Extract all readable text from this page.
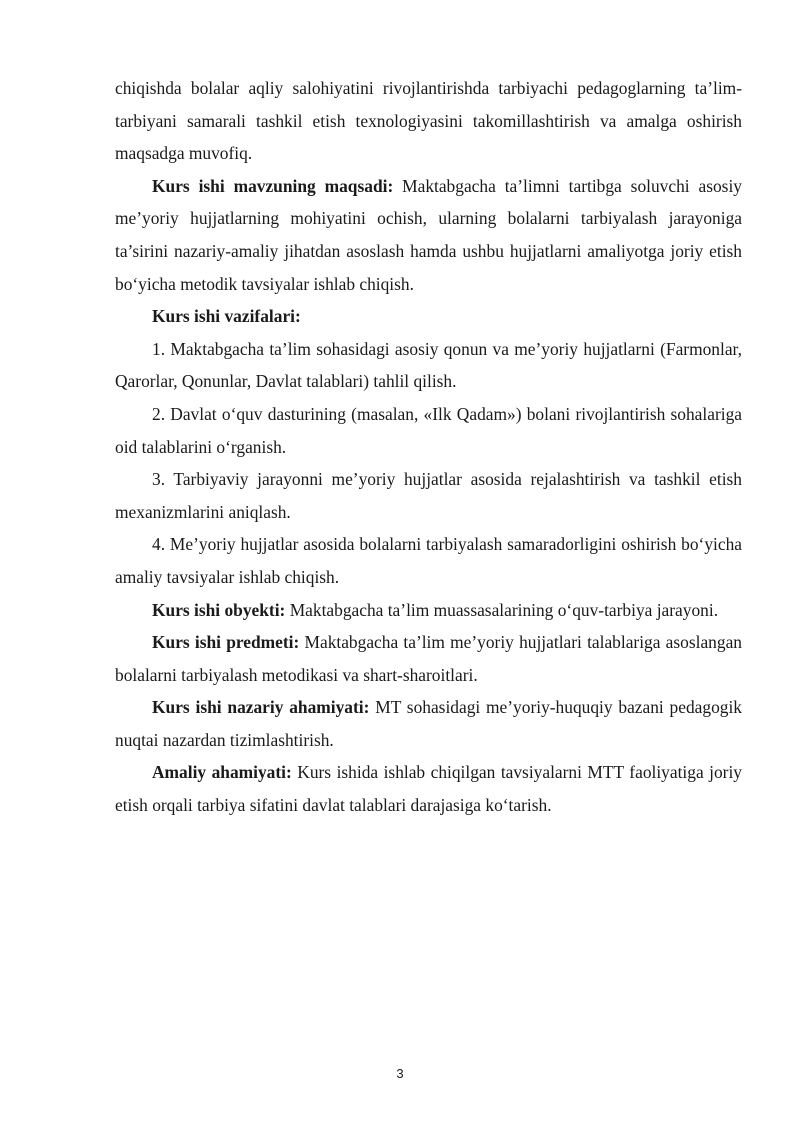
chiqishda bolalar aqliy salohiyatini rivojlantirishda tarbiyachi pedagoglarning ta’lim-tarbiyani samarali tashkil etish texnologiyasini takomillashtirish va amalga oshirish maqsadga muvofiq.

Kurs ishi mavzuning maqsadi: Maktabgacha ta’limni tartibga soluvchi asosiy me’yoriy hujjatlarning mohiyatini ochish, ularning bolalarni tarbiyalash jarayoniga ta’sirini nazariy-amaliy jihatdan asoslash hamda ushbu hujjatlarni amaliyotga joriy etish bo‘yicha metodik tavsiyalar ishlab chiqish.

Kurs ishi vazifalari:

1. Maktabgacha ta’lim sohasidagi asosiy qonun va me’yoriy hujjatlarni (Farmonlar, Qarorlar, Qonunlar, Davlat talablari) tahlil qilish.

2. Davlat o‘quv dasturining (masalan, «Ilk Qadam») bolani rivojlantirish sohalariga oid talablarini o‘rganish.

3. Tarbiyaviy jarayonni me’yoriy hujjatlar asosida rejalashtirish va tashkil etish mexanizmlarini aniqlash.

4. Me’yoriy hujjatlar asosida bolalarni tarbiyalash samaradorligini oshirish bo‘yicha amaliy tavsiyalar ishlab chiqish.

Kurs ishi obyekti: Maktabgacha ta’lim muassasalarining o‘quv-tarbiya jarayoni.

Kurs ishi predmeti: Maktabgacha ta’lim me’yoriy hujjatlari talablariga asoslangan bolalarni tarbiyalash metodikasi va shart-sharoitlari.

Kurs ishi nazariy ahamiyati: MT sohasidagi me’yoriy-huquqiy bazani pedagogik nuqtai nazardan tizimlashtirish.

Amaliy ahamiyati: Kurs ishida ishlab chiqilgan tavsiyalarni MTT faoliyatiga joriy etish orqali tarbiya sifatini davlat talablari darajasiga ko‘tarish.

3
